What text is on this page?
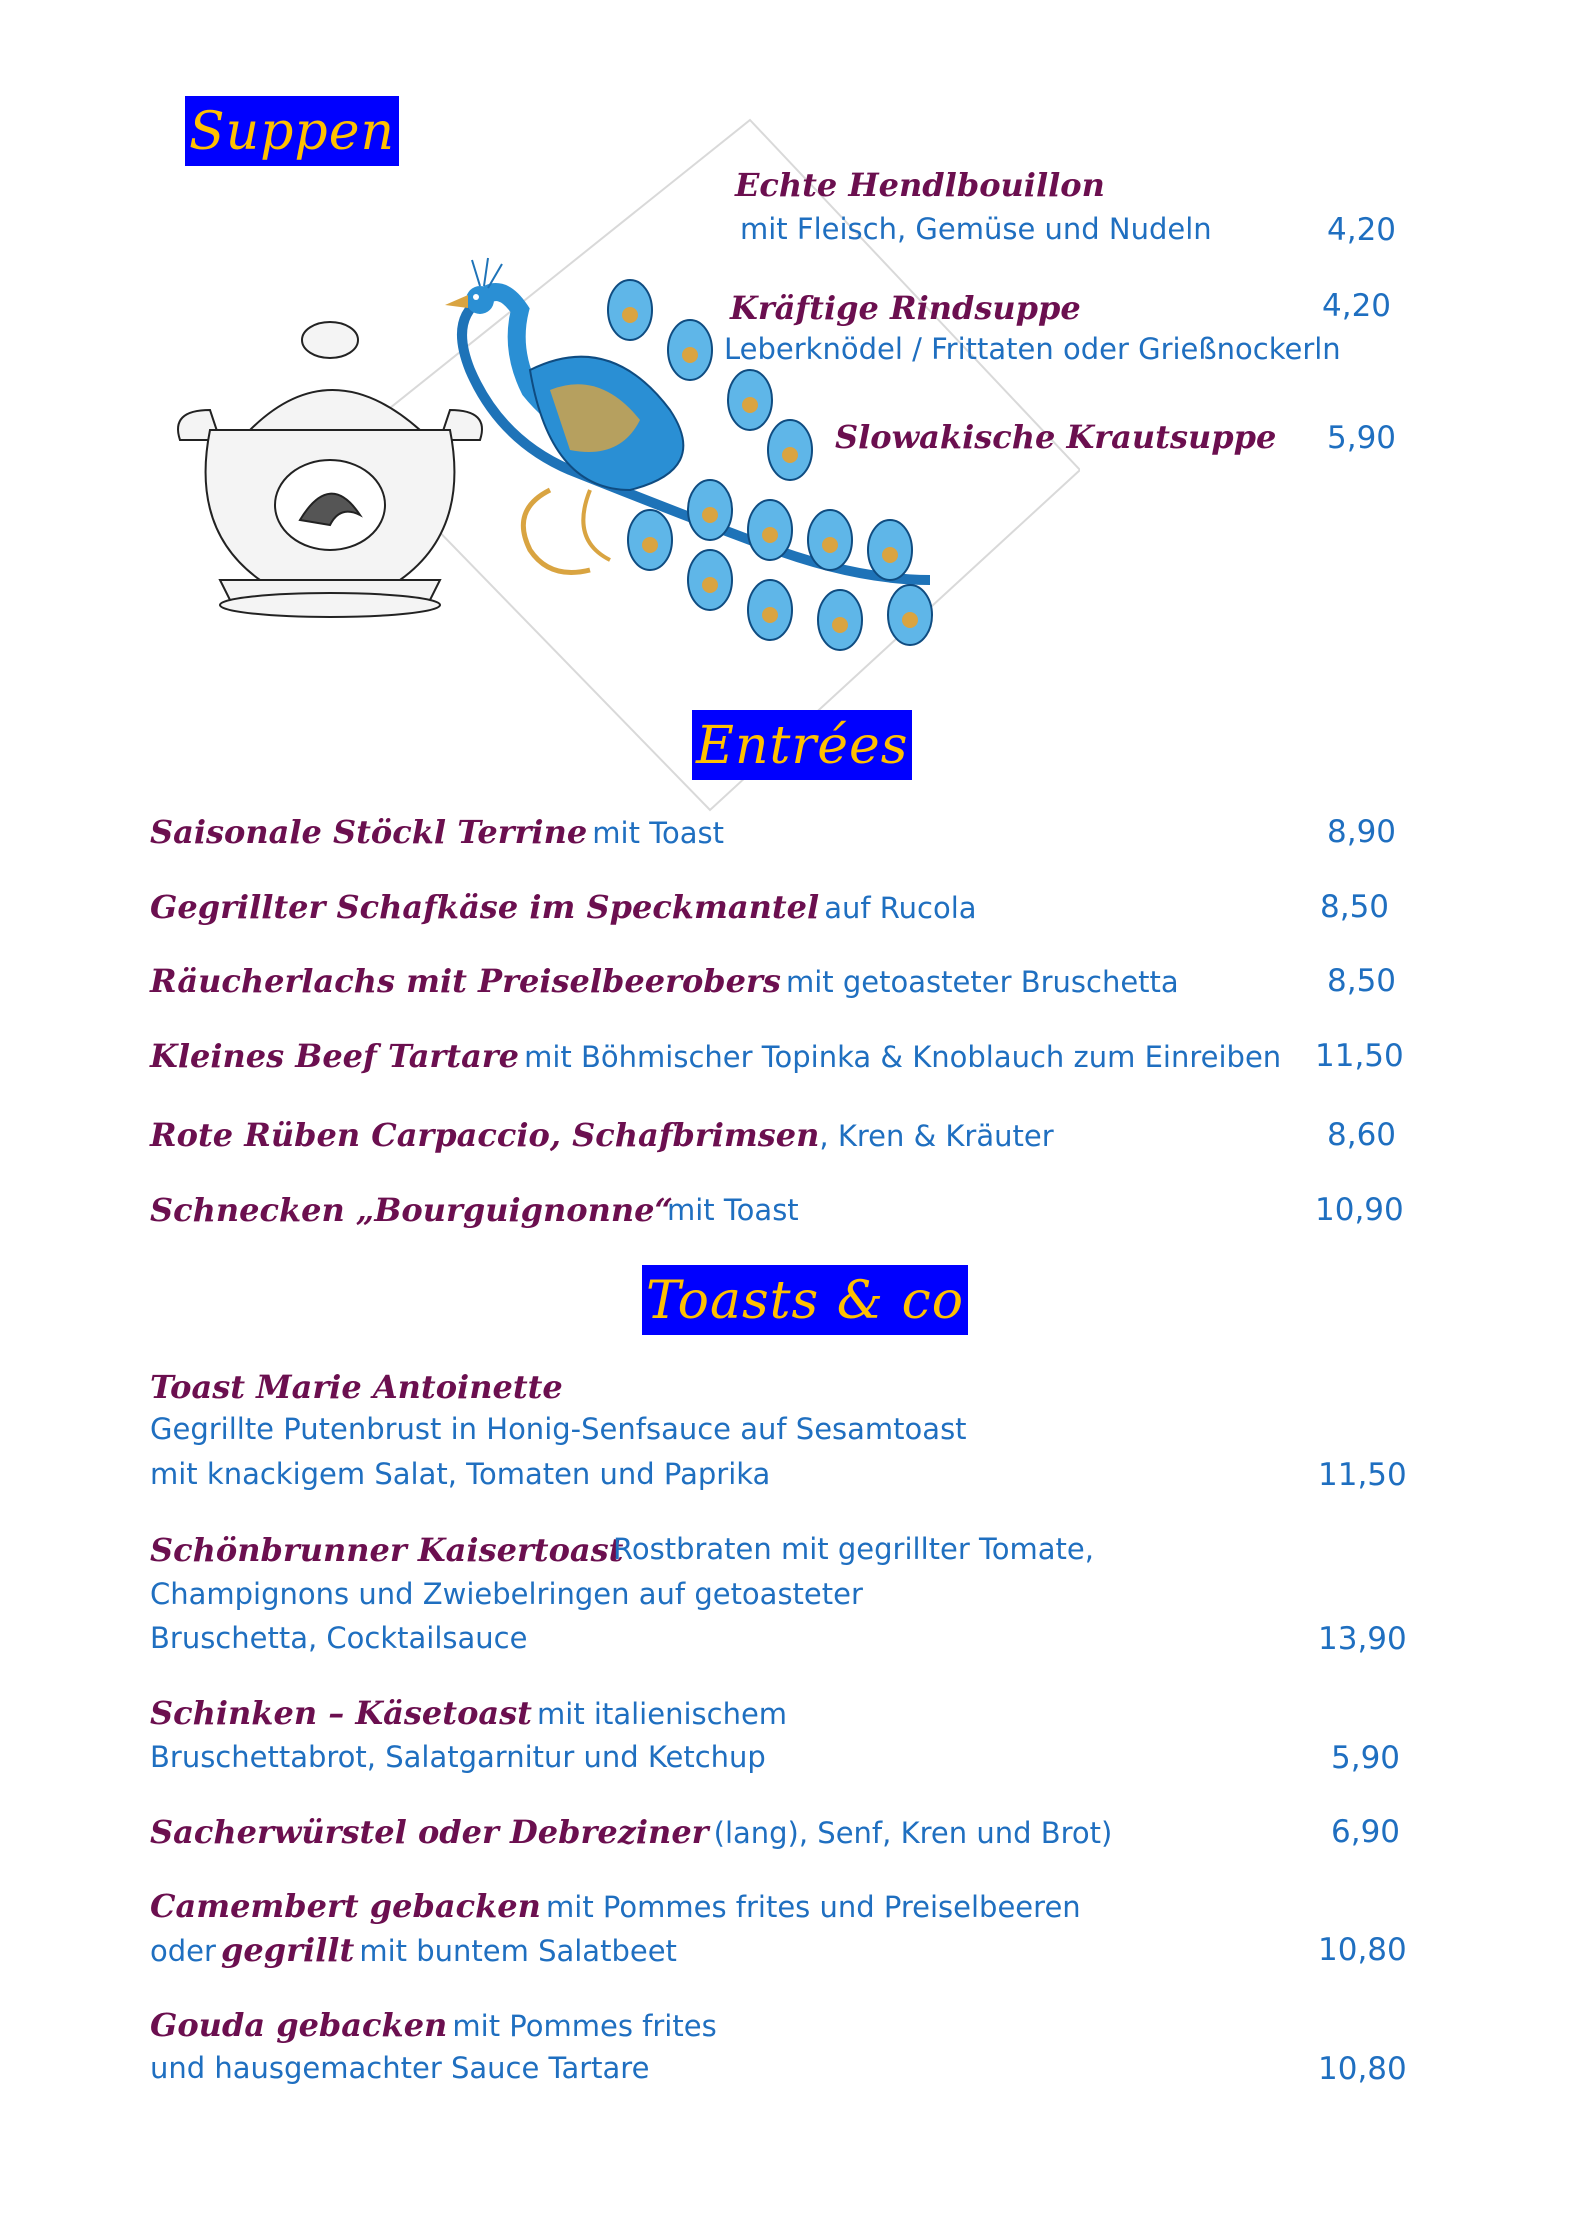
Suppen
Echte Hendlbouillon
mit Fleisch, Gemüse und Nudeln	4,20
Kräftige Rindsuppe	4,20
Leberknödel / Frittaten oder Grießnockerln
Slowakische Krautsuppe 5,90
Entrées
Saisonale Stöckl Terrine mit Toast	8,90
Gegrillter Schafkäse im Speckmantel auf Rucola	8,50
Räucherlachs mit Preiselbeerobers mit getoasteter Bruschetta	8,50
Kleines Beef Tartare mit Böhmischer Topinka & Knoblauch zum Einreiben 11,50
Rote Rüben Carpaccio, Schafbrimsen, Kren & Kräuter	8,60
Schnecken „Bourguignonne“
mit Toast	10,90
Toasts & co
Toast Marie Antoinette
Gegrillte Putenbrust in Honig-Senfsauce auf Sesamtoast
mit knackigem Salat, Tomaten und Paprika	11,50
Schönbrunner Kaisertoast
Rostbraten mit gegrillter Tomate,
Champignons und Zwiebelringen auf getoasteter
Bruschetta, Cocktailsauce	13,90
Schinken – Käsetoast mit italienischem
Bruschettabrot, Salatgarnitur und Ketchup	5,90
Sacherwürstel oder Debreziner (lang), Senf, Kren und Brot)	6,90
Camembert gebacken mit Pommes frites und Preiselbeeren
oder gegrillt mit buntem Salatbeet	10,80
Gouda gebacken mit Pommes frites
und hausgemachter Sauce Tartare	10,80
